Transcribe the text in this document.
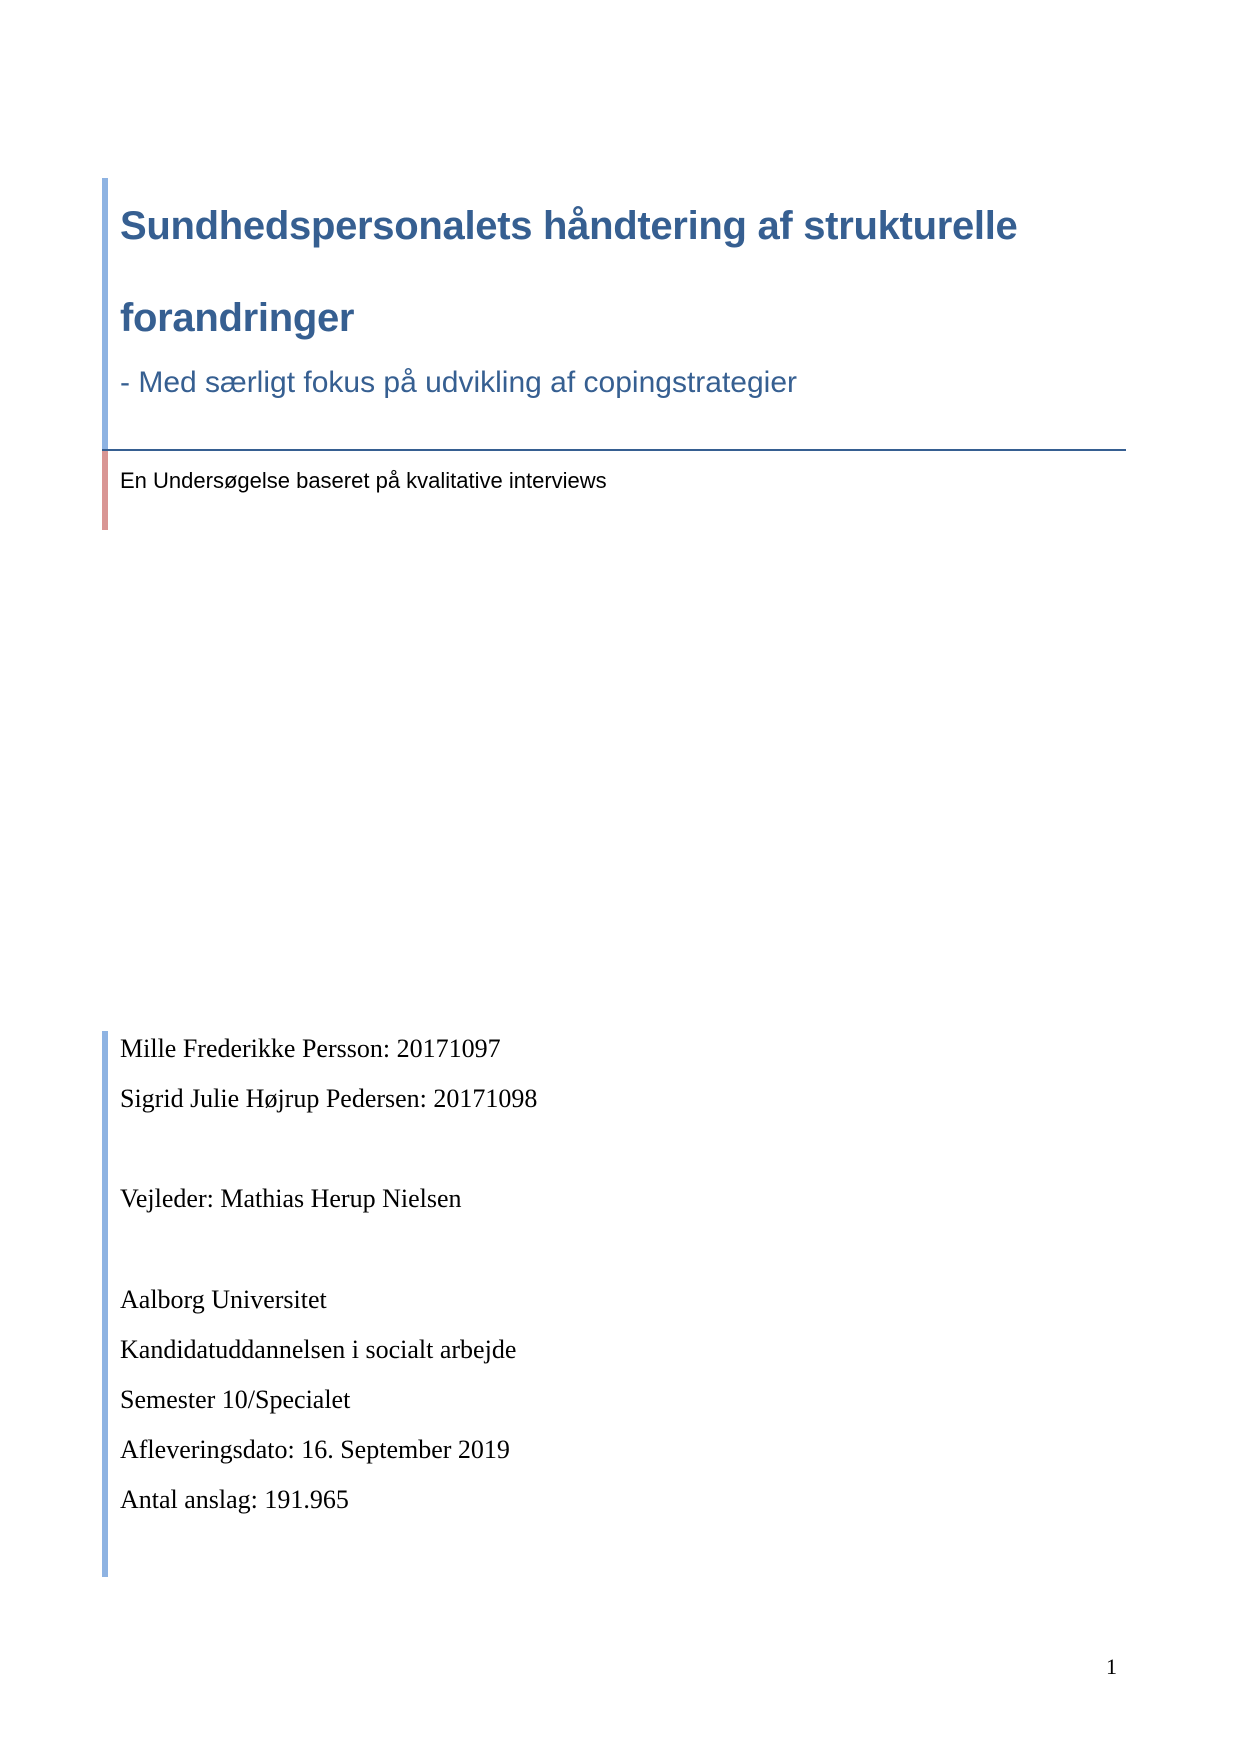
Sundhedspersonalets håndtering af strukturelle
forandringer
- Med særligt fokus på udvikling af copingstrategier
En Undersøgelse baseret på kvalitative interviews
Mille Frederikke Persson: 20171097
Sigrid Julie Højrup Pedersen: 20171098
Vejleder: Mathias Herup Nielsen
Aalborg Universitet
Kandidatuddannelsen i socialt arbejde
Semester 10/Specialet
Afleveringsdato: 16. September 2019
Antal anslag: 191.965
1
